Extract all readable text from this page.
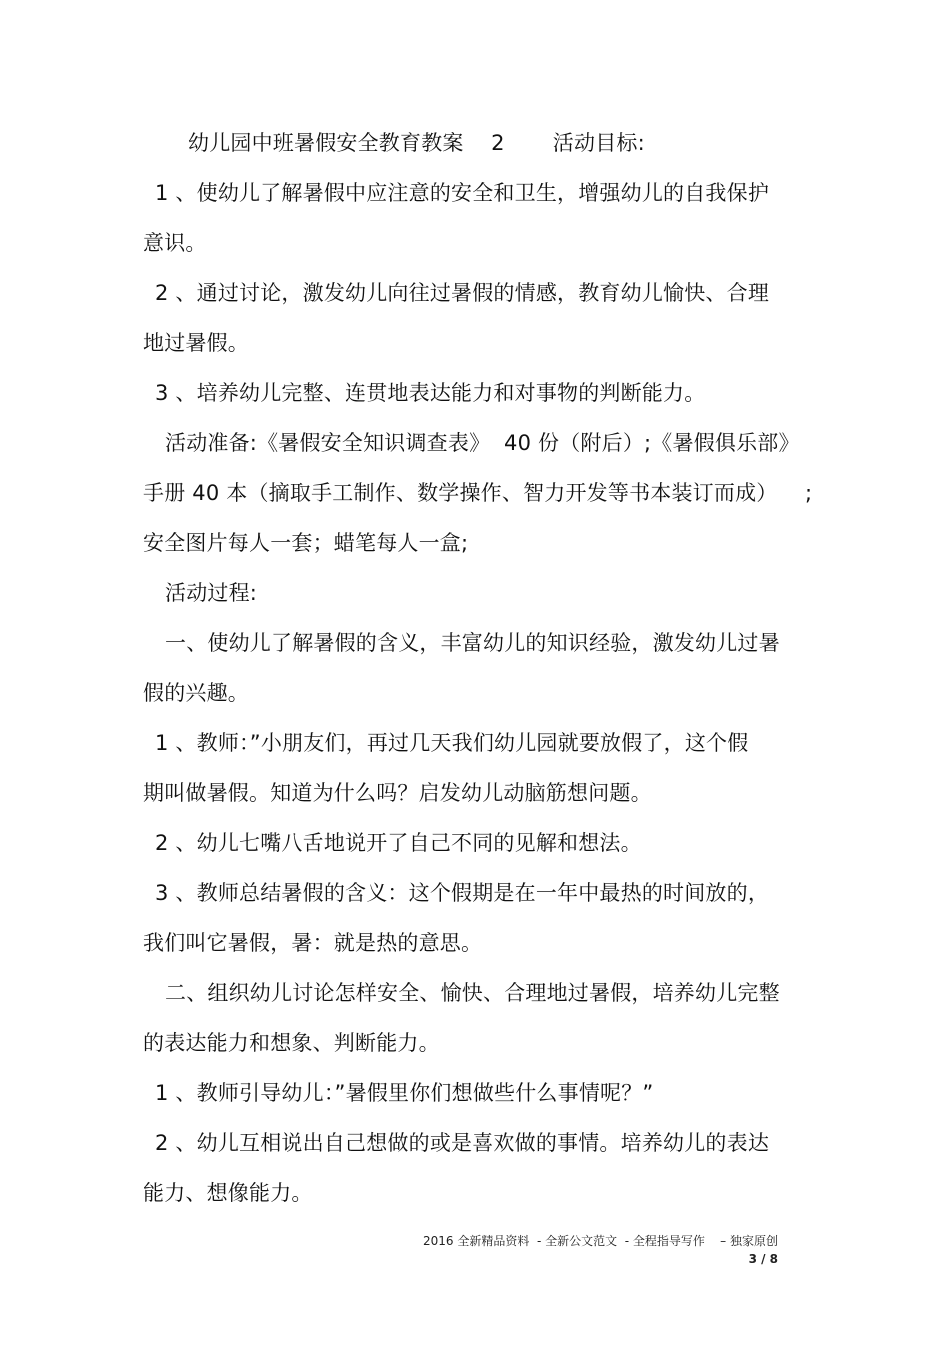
幼儿园中班暑假安全教育教案    2       活动目标:
1 、使幼儿了解暑假中应注意的安全和卫生，增强幼儿的自我保护
意识。
2 、通过讨论，激发幼儿向往过暑假的情感，教育幼儿愉快、合理
地过暑假。
3 、培养幼儿完整、连贯地表达能力和对事物的判断能力。
活动准备:《暑假安全知识调查表》  40 份（附后）;《暑假俱乐部》
手册 40 本（摘取手工制作、数学操作、智力开发等书本装订而成）    ;
安全图片每人一套；蜡笔每人一盒;
活动过程:
一、使幼儿了解暑假的含义，丰富幼儿的知识经验，激发幼儿过暑
假的兴趣。
1 、教师：”小朋友们，再过几天我们幼儿园就要放假了，这个假
期叫做暑假。知道为什么吗？启发幼儿动脑筋想问题。
2 、幼儿七嘴八舌地说开了自己不同的见解和想法。
3 、教师总结暑假的含义：这个假期是在一年中最热的时间放的，
我们叫它暑假，暑：就是热的意思。
二、组织幼儿讨论怎样安全、愉快、合理地过暑假，培养幼儿完整
的表达能力和想象、判断能力。
1 、教师引导幼儿：”暑假里你们想做些什么事情呢？”
2 、幼儿互相说出自己想做的或是喜欢做的事情。培养幼儿的表达
能力、想像能力。
2016 全新精品资料  - 全新公文范文  - 全程指导写作    – 独家原创
3 / 8
